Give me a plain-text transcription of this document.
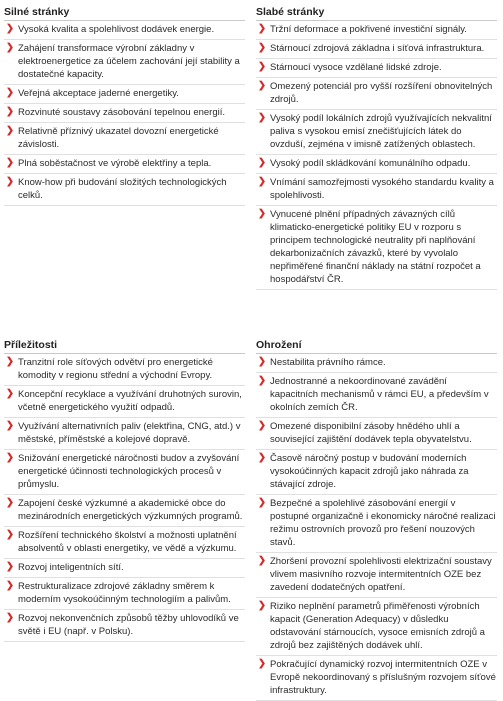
Silné stránky
❯ Vysoká kvalita a spolehlivost dodávek energie.
❯ Zahájení transformace výrobní základny v elektroenergetice za účelem zachování její stability a dostatečné kapacity.
❯ Veřejná akceptace jaderné energetiky.
❯ Rozvinuté soustavy zásobování tepelnou energií.
❯ Relativně příznivý ukazatel dovozní energetické závislosti.
❯ Plná soběstačnost ve výrobě elektřiny a tepla.
❯ Know-how při budování složitých technologických celků.
Slabé stránky
❯ Tržní deformace a pokřivené investiční signály.
❯ Stárnoucí zdrojová základna i síťová infrastruktura.
❯ Stárnoucí vysoce vzdělané lidské zdroje.
❯ Omezený potenciál pro vyšší rozšíření obnovitelných zdrojů.
❯ Vysoký podíl lokálních zdrojů využívajících nekvalitní paliva s vysokou emisí znečišťujících látek do ovzduší, zejména v imisně zatížených oblastech.
❯ Vysoký podíl skládkování komunálního odpadu.
❯ Vnímání samozřejmosti vysokého standardu kvality a spolehlivosti.
❯ Vynucené plnění případných závazných cílů klimaticko-energetické politiky EU v rozporu s principem technologické neutrality při naplňování dekarbonizačních závazků, které by vyvolalo nepřiměřené finanční náklady na státní rozpočet a hospodářství ČR.
Příležitosti
❯ Tranzitní role síťových odvětví pro energetické komodity v regionu střední a východní Evropy.
❯ Koncepční recyklace a využívání druhotných surovin, včetně energetického využití odpadů.
❯ Využívání alternativních paliv (elektřina, CNG, atd.) v městské, příměstské a kolejové dopravě.
❯ Snižování energetické náročnosti budov a zvyšování energetické účinnosti technologických procesů v průmyslu.
❯ Zapojení české výzkumné a akademické obce do mezinárodních energetických výzkumných programů.
❯ Rozšíření technického školství a možnosti uplatnění absolventů v oblasti energetiky, ve vědě a výzkumu.
❯ Rozvoj inteligentních sítí.
❯ Restrukturalizace zdrojové základny směrem k moderním vysokoúčinným technologiím a palivům.
❯ Rozvoj nekonvenčních způsobů těžby uhlovodíků ve světě i EU (např. v Polsku).
Ohrožení
❯ Nestabilita právního rámce.
❯ Jednostranné a nekoordinované zavádění kapacitních mechanismů v rámci EU, a především v okolních zemích ČR.
❯ Omezené disponibilní zásoby hnědého uhlí a související zajištění dodávek tepla obyvatelstvu.
❯ Časově náročný postup v budování moderních vysokoúčinných kapacit zdrojů jako náhrada za stávající zdroje.
❯ Bezpečné a spolehlivé zásobování energií v postupné organizačně i ekonomicky náročné realizaci režimu ostrovních provozů pro řešení nouzových stavů.
❯ Zhoršení provozní spolehlivosti elektrizační soustavy vlivem masivního rozvoje intermitentních OZE bez zavedení dodatečných opatření.
❯ Riziko neplnění parametrů přiměřenosti výrobních kapacit (Generation Adequacy) v důsledku odstavování stárnoucích, vysoce emisních zdrojů a zdrojů bez zajištěných dodávek uhlí.
❯ Pokračující dynamický rozvoj intermitentních OZE v Evropě nekoordinovaný s příslušným rozvojem síťové infrastruktury.
